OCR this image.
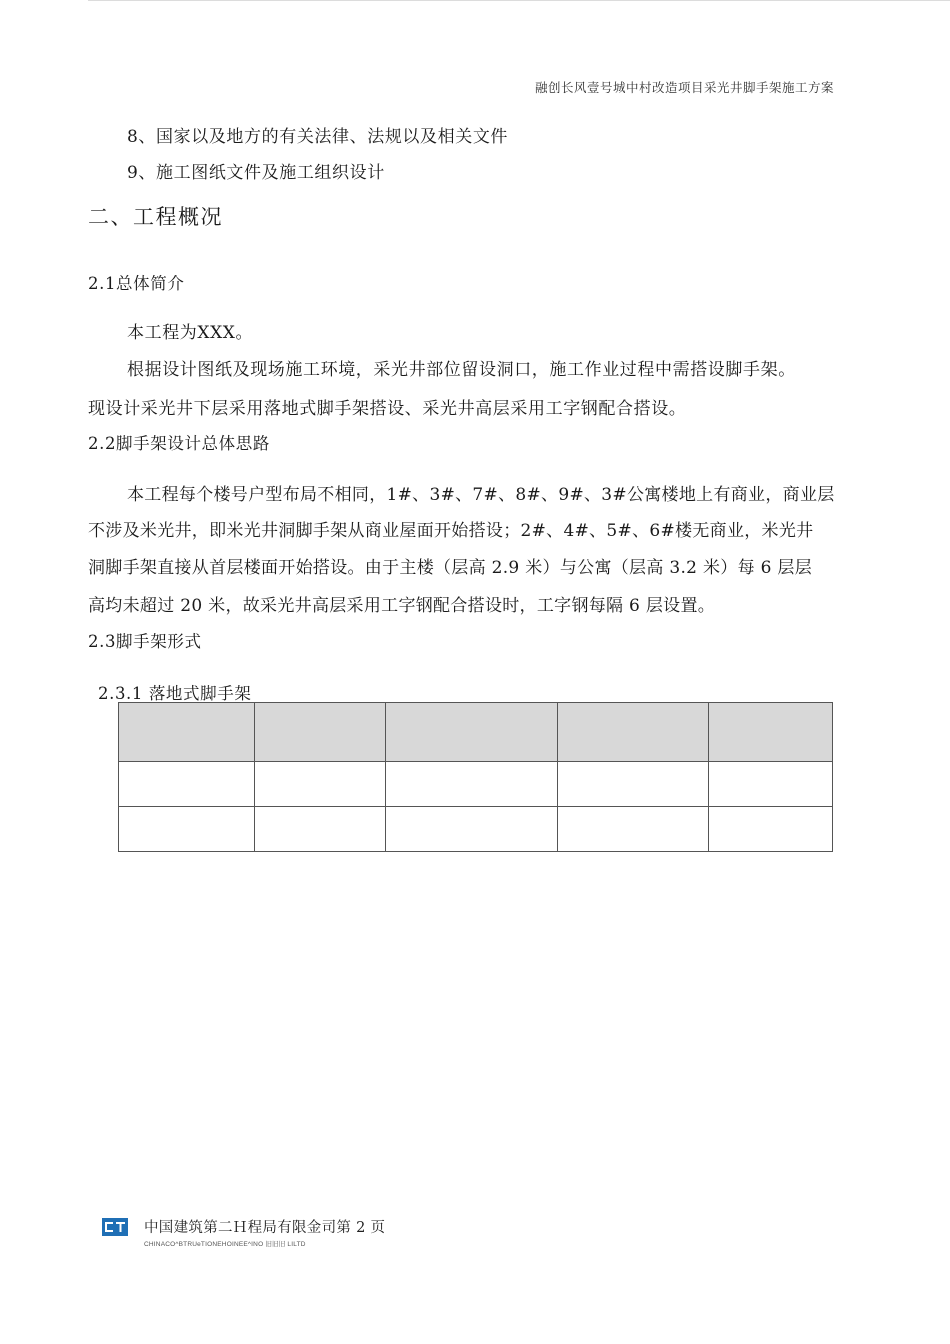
融创长风壹号城中村改造项目采光井脚手架施工方案
8、国家以及地方的有关法律、法规以及相关文件
9、施工图纸文件及施工组织设计
二、工程概况
2.1总体简介
本工程为XXX。
根据设计图纸及现场施工环境，采光井部位留设洞口，施工作业过程中需搭设脚手架。
现设计采光井下层采用落地式脚手架搭设、采光井高层采用工字钢配合搭设。
2.2脚手架设计总体思路
本工程每个楼号户型布局不相同，1#、3#、7#、8#、9#、3#公寓楼地上有商业，商业层
不涉及米光井，即米光井洞脚手架从商业屋面开始搭设；2#、4#、5#、6#楼无商业，米光井
洞脚手架直接从首层楼面开始搭设。由于主楼（层高 2.9 米）与公寓（层高 3.2 米）每 6 层层
高均未超过 20 米，故采光井高层采用工字钢配合搭设时，工字钢每隔 6 层设置。
2.3脚手架形式
2.3.1 落地式脚手架

中国建筑第二Ｈ程局有限金司第 2 页
CHINACO^BTRUeTIONEHOINEE^INO 旧旧旧 LILTD
